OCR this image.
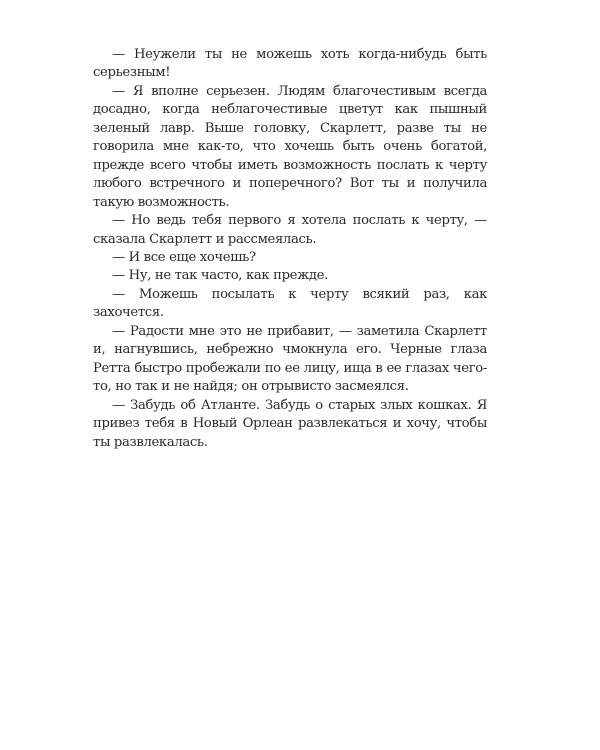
— Неужели ты не можешь хоть когда-нибудь быть серьезным!

— Я вполне серьезен. Людям благочестивым всегда досадно, когда неблагочестивые цветут как пышный зеленый лавр. Выше головку, Скарлетт, разве ты не говорила мне как-то, что хочешь быть очень богатой, прежде всего чтобы иметь возможность послать к черту любого встречного и поперечного? Вот ты и получила такую возможность.

— Но ведь тебя первого я хотела послать к черту, — сказала Скарлетт и рассмеялась.

— И все еще хочешь?

— Ну, не так часто, как прежде.

— Можешь посылать к черту всякий раз, как захочется.

— Радости мне это не прибавит, — заметила Скарлетт и, нагнувшись, небрежно чмокнула его. Черные глаза Ретта быстро пробежали по ее лицу, ища в ее глазах чего-то, но так и не найдя; он отрывисто засмеялся.

— Забудь об Атланте. Забудь о старых злых кошках. Я привез тебя в Новый Орлеан развлекаться и хочу, чтобы ты развлекалась.
